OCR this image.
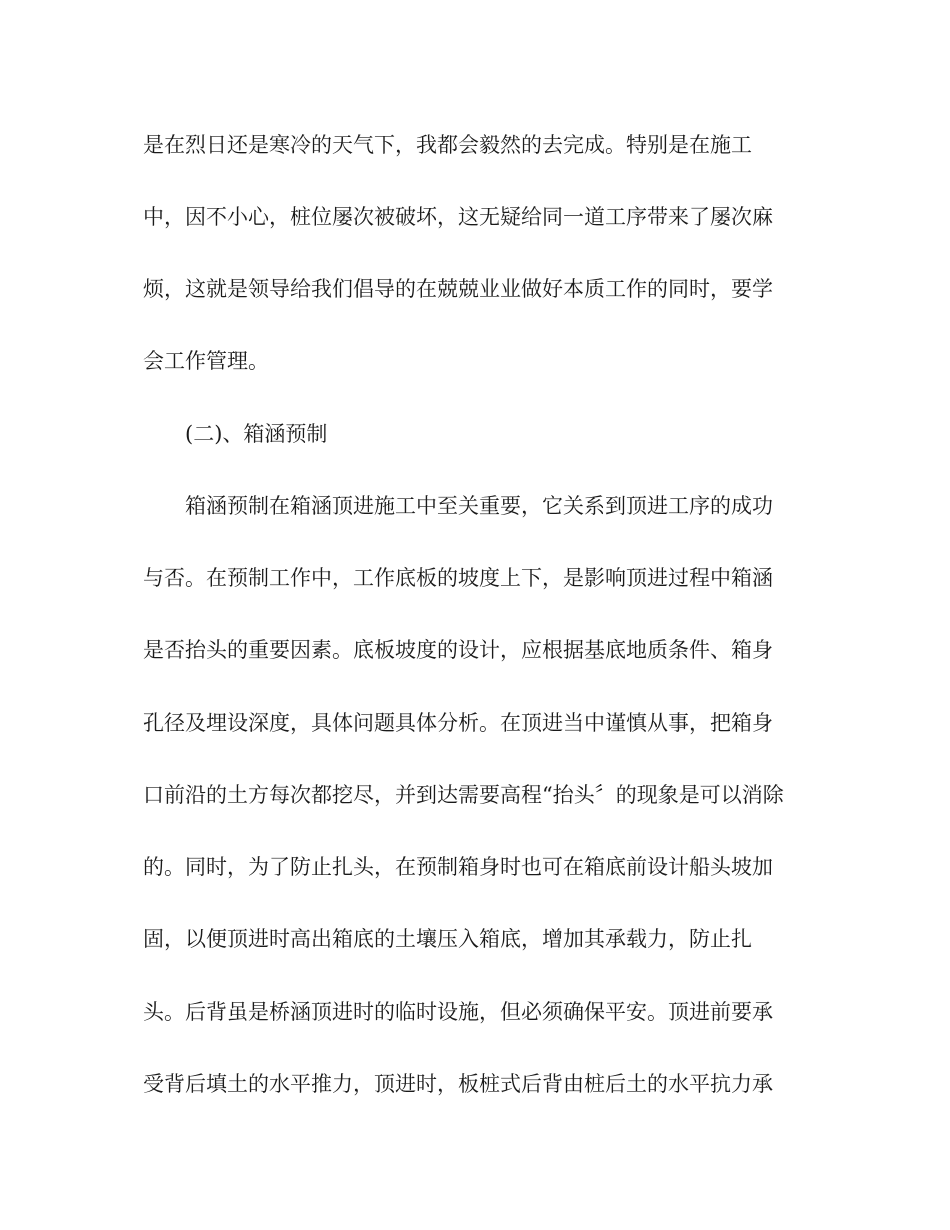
是在烈日还是寒冷的天气下，我都会毅然的去完成。特别是在施工

中，因不小心，桩位屡次被破坏，这无疑给同一道工序带来了屡次麻

烦，这就是领导给我们倡导的在兢兢业业做好本质工作的同时，要学

会工作管理。

(二)、箱涵预制

箱涵预制在箱涵顶进施工中至关重要，它关系到顶进工序的成功

与否。在预制工作中，工作底板的坡度上下，是影响顶进过程中箱涵

是否抬头的重要因素。底板坡度的设计，应根据基底地质条件、箱身

孔径及埋设深度，具体问题具体分析。在顶进当中谨慎从事，把箱身

口前沿的土方每次都挖尽，并到达需要高程“抬头〞的现象是可以消除

的。同时，为了防止扎头，在预制箱身时也可在箱底前设计船头坡加

固，以便顶进时高出箱底的土壤压入箱底，增加其承载力，防止扎

头。后背虽是桥涵顶进时的临时设施，但必须确保平安。顶进前要承

受背后填土的水平推力，顶进时，板桩式后背由桩后土的水平抗力承
